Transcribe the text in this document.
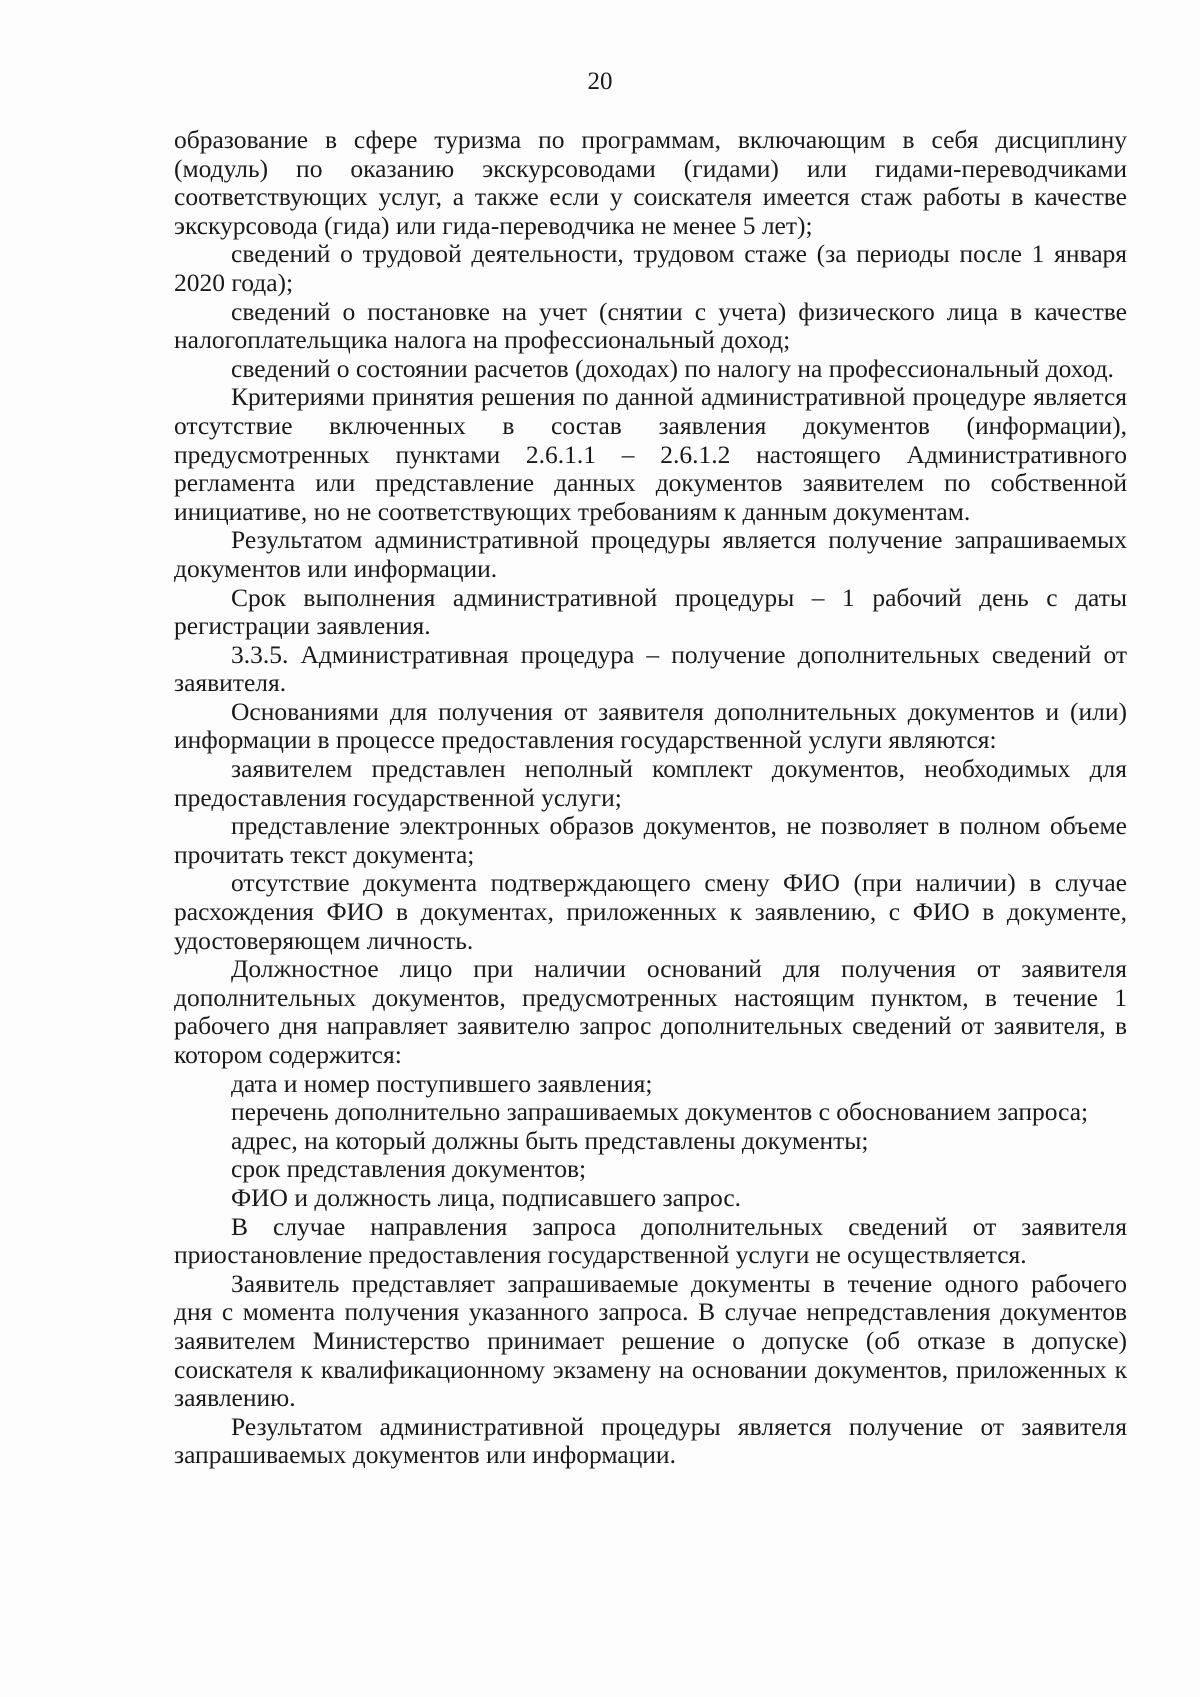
20

образование в сфере туризма по программам, включающим в себя дисциплину (модуль) по оказанию экскурсоводами (гидами) или гидами-переводчиками соответствующих услуг, а также если у соискателя имеется стаж работы в качестве экскурсовода (гида) или гида-переводчика не менее 5 лет);

сведений о трудовой деятельности, трудовом стаже (за периоды после 1 января 2020 года);

сведений о постановке на учет (снятии с учета) физического лица в качестве налогоплательщика налога на профессиональный доход;

сведений о состоянии расчетов (доходах) по налогу на профессиональный доход.

Критериями принятия решения по данной административной процедуре является отсутствие включенных в состав заявления документов (информации), предусмотренных пунктами 2.6.1.1 – 2.6.1.2 настоящего Административного регламента или представление данных документов заявителем по собственной инициативе, но не соответствующих требованиям к данным документам.

Результатом административной процедуры является получение запрашиваемых документов или информации.

Срок выполнения административной процедуры – 1 рабочий день с даты регистрации заявления.

3.3.5. Административная процедура – получение дополнительных сведений от заявителя.

Основаниями для получения от заявителя дополнительных документов и (или) информации в процессе предоставления государственной услуги являются:

заявителем представлен неполный комплект документов, необходимых для предоставления государственной услуги;

представление электронных образов документов, не позволяет в полном объеме прочитать текст документа;

отсутствие документа подтверждающего смену ФИО (при наличии) в случае расхождения ФИО в документах, приложенных к заявлению, с ФИО в документе, удостоверяющем личность.

Должностное лицо при наличии оснований для получения от заявителя дополнительных документов, предусмотренных настоящим пунктом, в течение 1 рабочего дня направляет заявителю запрос дополнительных сведений от заявителя, в котором содержится:

дата и номер поступившего заявления;

перечень дополнительно запрашиваемых документов с обоснованием запроса;

адрес, на который должны быть представлены документы;

срок представления документов;

ФИО и должность лица, подписавшего запрос.

В случае направления запроса дополнительных сведений от заявителя приостановление предоставления государственной услуги не осуществляется.

Заявитель представляет запрашиваемые документы в течение одного рабочего дня с момента получения указанного запроса. В случае непредставления документов заявителем Министерство принимает решение о допуске (об отказе в допуске) соискателя к квалификационному экзамену на основании документов, приложенных к заявлению.

Результатом административной процедуры является получение от заявителя запрашиваемых документов или информации.
